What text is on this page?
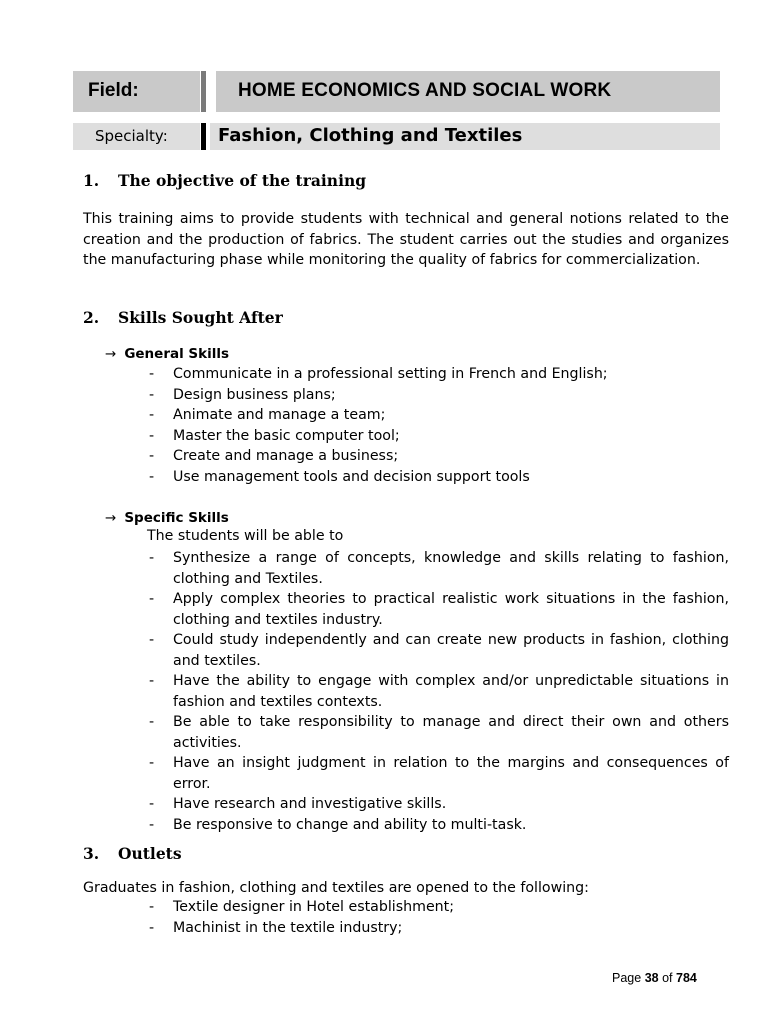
Field:	HOME ECONOMICS AND SOCIAL WORK
Specialty:	Fashion, Clothing and Textiles
1. The objective of the training
This training aims to provide students with technical and general notions related to the creation and the production of fabrics. The student carries out the studies and organizes the manufacturing phase while monitoring the quality of fabrics for commercialization.
2. Skills Sought After
→ General Skills
- Communicate in a professional setting in French and English;
- Design business plans;
- Animate and manage a team;
- Master the basic computer tool;
- Create and manage a business;
- Use management tools and decision support tools
→ Specific Skills
The students will be able to
- Synthesize a range of concepts, knowledge and skills relating to fashion, clothing and Textiles.
- Apply complex theories to practical realistic work situations in the fashion, clothing and textiles industry.
- Could study independently and can create new products in fashion, clothing and textiles.
- Have the ability to engage with complex and/or unpredictable situations in fashion and textiles contexts.
- Be able to take responsibility to manage and direct their own and others activities.
- Have an insight judgment in relation to the margins and consequences of error.
- Have research and investigative skills.
- Be responsive to change and ability to multi-task.
3. Outlets
Graduates in fashion, clothing and textiles are opened to the following:
- Textile designer in Hotel establishment;
- Machinist in the textile industry;
Page 38 of 784
